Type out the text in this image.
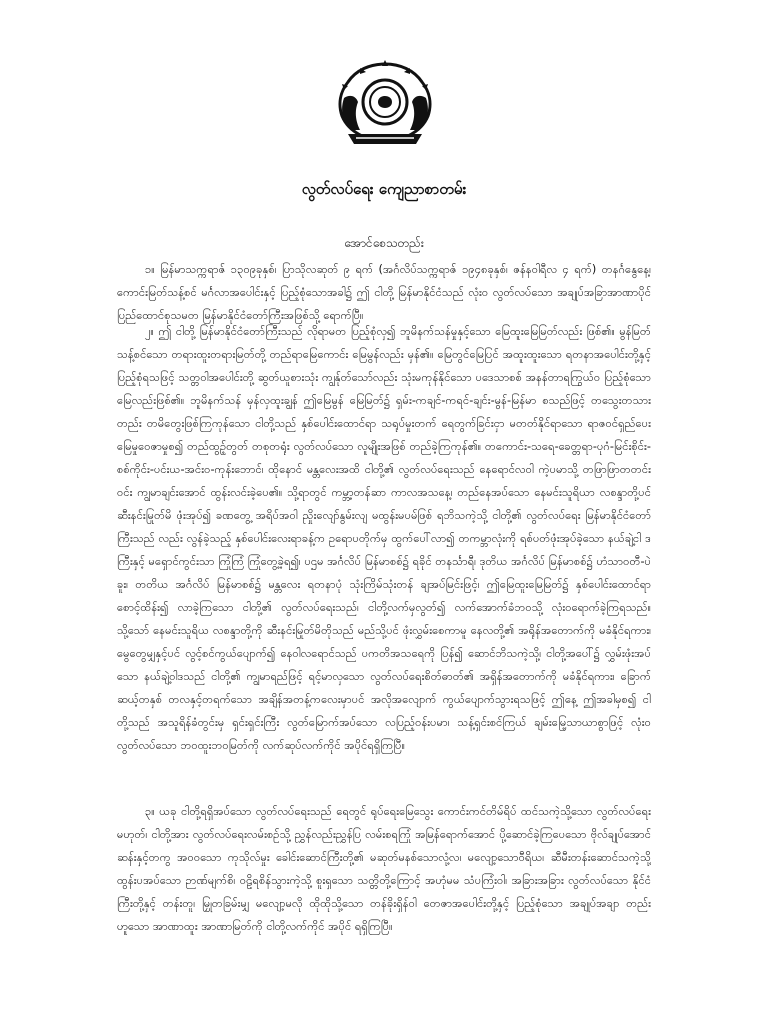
လွတ်လပ်ရေး ကျေညာစာတမ်း
အောင်စေသတည်း

၁။ မြန်မာသက္ကရာဇ် ၁၃၀၉ခုနှစ်၊ ပြာသိုလဆုတ် ၉ ရက် (အင်္ဂလိပ်သက္ကရာဇ် ၁၉၄၈ခုနှစ်၊ ဇန်နဝါရီလ ၄ ရက်) တနင်္ဂနွေနေ့၊ ကောင်းမြတ်သန့်စင် မင်္ဂလာအပေါင်းနှင့် ပြည့်စုံသောအခါ၌ ဤ ငါတို့ မြန်မာနိုင်ငံသည် လုံးဝ လွတ်လပ်သော အချုပ်အခြာအာဏာပိုင် ပြည်ထောင်စုသမတ မြန်မာနိုင်ငံတော်ကြီးအဖြစ်သို့ ရောက်ပြီ။

၂။ ဤ ငါတို့ မြန်မာနိုင်ငံတော်ကြီးသည် လိုရာမတ ပြည့်စုံလှ၍ ဘူမိနက်သန်မှုနှင့်သော မြေထူးမြေမြတ်လည်း ဖြစ်၏။ မွန်မြတ်သန့်စင်သော တရားထူးတရားမြတ်တို့ တည်ရာမြေကောင်း မြေမွန်လည်း မှန်၏။ မြေတွင်မြေပြင် အထူးထူးသော ရတနာအပေါင်းတို့နှင့် ပြည့်စုံရသဖြင့် သတ္တဝါအပေါင်းတို့ ဆွတ်ယူစားသုံး ကျွန်ုတ်သော်လည်း သုံးမကုန်နိုင်သော ပဒေသာစစ် အနန်တာရကြွယ်ဝ ပြည့်စုံသော မြေလည်းဖြစ်၏။ ဘူမိနက်သန် မှန်လှထူးချွန် ဤမြေမွန် မြေမြတ်၌ ရှမ်း-ကချင်-ကရင်-ချင်း-မွန်-မြန်မာ စသည်ဖြင့် တသွေးတသားတည်း တမိတွေးဖြစ်ကြကုန်သော ငါတို့သည် နှစ်ပေါင်းထောင်ရာ သရုပ်မှုးတက် ရေတွက်ခြင်းငှာ မတတ်နိုင်ရာသော ရာဇဝင်ရှည်ပေး မြေမှုဝေဇာမှုစ၍ တည်ထွဉ့်တွတ် တစုတရုံး လွတ်လပ်သော လူမျိုးအဖြစ် တည်ခဲ့ကြကုန်၏။ တကောင်း-သရေ-ခေတ္တရာ-ပုဂံ-မြင်းစိုင်း-စစ်ကိုင်း-ပင်းယ-အင်းဝ-ကုန်းဘောင်၊ ထိုနောင် မန္တလေးအထိ ငါတို့၏ လွတ်လပ်ရေးသည် နေရောင်လဝါ ကဲ့ပမာသို့ တဖြာဖြာတတင်းဝင်း ကျွမာချင်းအောင် ထွန်းလင်းခဲ့ပေ၏။ သို့ရာတွင် ကမ္ဘာ့တန်ဆာ ကာလအသနေ့၊ တည်နေအပ်သော နေမင်းသူရိယာ လစန္ဒာတို့ပင် ဆီးနင်းမြုတ်မိ ဖုံးအုပ်၍ ခဏတွေ့ အရိပ်အဝါ ညှိုးလျော်နွမ်းလျ မထွန်းမပမ်ဖြစ် ရဘိသကဲ့သို့ ငါတို့၏ လွတ်လပ်ရေး မြန်မာနိုင်ငံတော်ကြီးသည် လည်း လွန်ခဲ့သည့် နှစ်ပေါင်းလေးရာခန့်က ဥရောပတိုက်မှ ထွက်ပေါ်လာ၍ တကမ္ဘာလုံးကို ရစ်ပတ်ဖုံးအုပ်ခဲ့သော နယ်ချဲ့ငါ ဒကြီးနှင့် မရှောင်ကွင်းသာ ကြုံကြံ ကြုံတွေ့ခဲ့ရ၍၊ ပဌမ အင်္ဂလိပ် မြန်မာစစ်၌ ရခိုင် တနင်္သာရီ၊ ဒုတိယ အင်္ဂလိပ် မြန်မာစစ်၌ ဟံသာဝတီ-ပဲခူး၊ တတိယ အင်္ဂလိပ် မြန်မာစစ်၌ မန္တလေး ရတနာပုံ သုံးကြိမ်သုံးတန် ချအပ်မြင်းဖြင့်၊ ဤမြေထူးမြေမြတ်၌ နှစ်ပေါင်းထောင်ရာ စောင့်ထိန်း၍ လာခဲ့ကြသော ငါတို့၏ လွတ်လပ်ရေးသည်၊ ငါတို့လက်မှလွတ်၍ လက်အောက်ခံဘဝသို့ လုံးဝရောက်ခဲ့ကြရသည်။ သို့သော် နေမင်းသူရိယ လစန္ဒာတို့ကို ဆီးနင်းမြုတ်မိတိုသည် မည်သို့ပင် ဖုံးလွှမ်းစေကာမူ နေလတို့၏ အရိုန်အတောက်ကို မခံနိုင်ရကား၊ မွေတွေမျှနှင့်ပင် လွင့်စင်ကွယ်ပျောက်၍ နေဝါလရောင်သည် ပကတိအသရေကို ပြန်၍ ဆောင်ဘိသကဲ့သို့၊ ငါတို့အပေါ်၌ လွှမ်းဖုံးအပ်သော နယ်ချဲ့ဝါဒသည် ငါတို့၏ ကျွမာရည်ဖြင့် ရင့်မာလှသော လွတ်လပ်ရေးစိတ်ဓာတ်၏ အရှိန်အတောက်ကို မခံနိုင်ရကား၊ ခြောက်ဆယ့်တနှစ် တလနှင့်တရက်သော အချိန်အတန့်ကလေးမှာပင် အလိုအလျောက် ကွယ်ပျောက်သွားရသဖြင့် ဤနေ့ ဤအခါမှစ၍ ငါတို့သည် အသူရိန်ခံတွင်းမှ ရှင်းရှင်းကြီး လွတ်မြောက်အပ်သော လပြည့်ဝန်းပမာ၊ သန့်ရှင်းစင်ကြယ် ချမ်းမြေ့သာယာစွာဖြင့် လုံးဝ လွတ်လပ်သော ဘဝထူးဘဝမြတ်ကို လက်ဆုပ်လက်ကိုင် အပိုင်ရရှိကြပြီ။

၃။ ယခု ငါတို့ရရှိအပ်သော လွတ်လပ်ရေးသည် ရေတွင် ရုပ်ရေးမြေသွေး ကောင်းကင်တိမ်ရိပ် ထင်သကဲ့သို့သော လွတ်လပ်ရေးမဟုတ်၊ ငါတို့အား လွတ်လပ်ရေးလမ်းစဉ်သို့ ညွှန်လည်းညွှန်ပြ လမ်းစရကြုံ အမြန်ရောက်အောင် ပို့ဆောင်ခဲ့ကြပေသော ဗိုလ်ချုပ်အောင်ဆန်းနှင့်တကွ အဝဝသော ကုသိုလ်မှုး ခေါင်းဆောင်ကြီးတို့၏ မဆုတ်မနစ်သောလုံ့လ၊ မလျော့သောဝီရိယ၊ ဆီမီးတန်းဆောင်သကဲ့သို့ ထွန်းပအပ်သော ဉာဏ်မျက်စိ၊ ဝဠိရစိန်သွားကဲ့သို့ စူးရှသော သတ္တိတို့ကြောင့် အဟုံမမ သံပကြံးဝါ၊ အခြားအခြား လွတ်လပ်သော နိုင်ငံကြီးတို့နှင့် တန်းတူ၊ မြှုတခြမ်းမျှ မလျော့မလို ထိုထိုသို့သော တန်ခိုးရှိန်ဝါ တေဇာအပေါင်းတို့နှင့် ပြည့်စုံသော အချုပ်အချာ တည်းဟူသော အာဏာထူး အာဏာမြတ်ကို ငါတို့လက်ကိုင် အပိုင် ရရှိကြပြီ။
